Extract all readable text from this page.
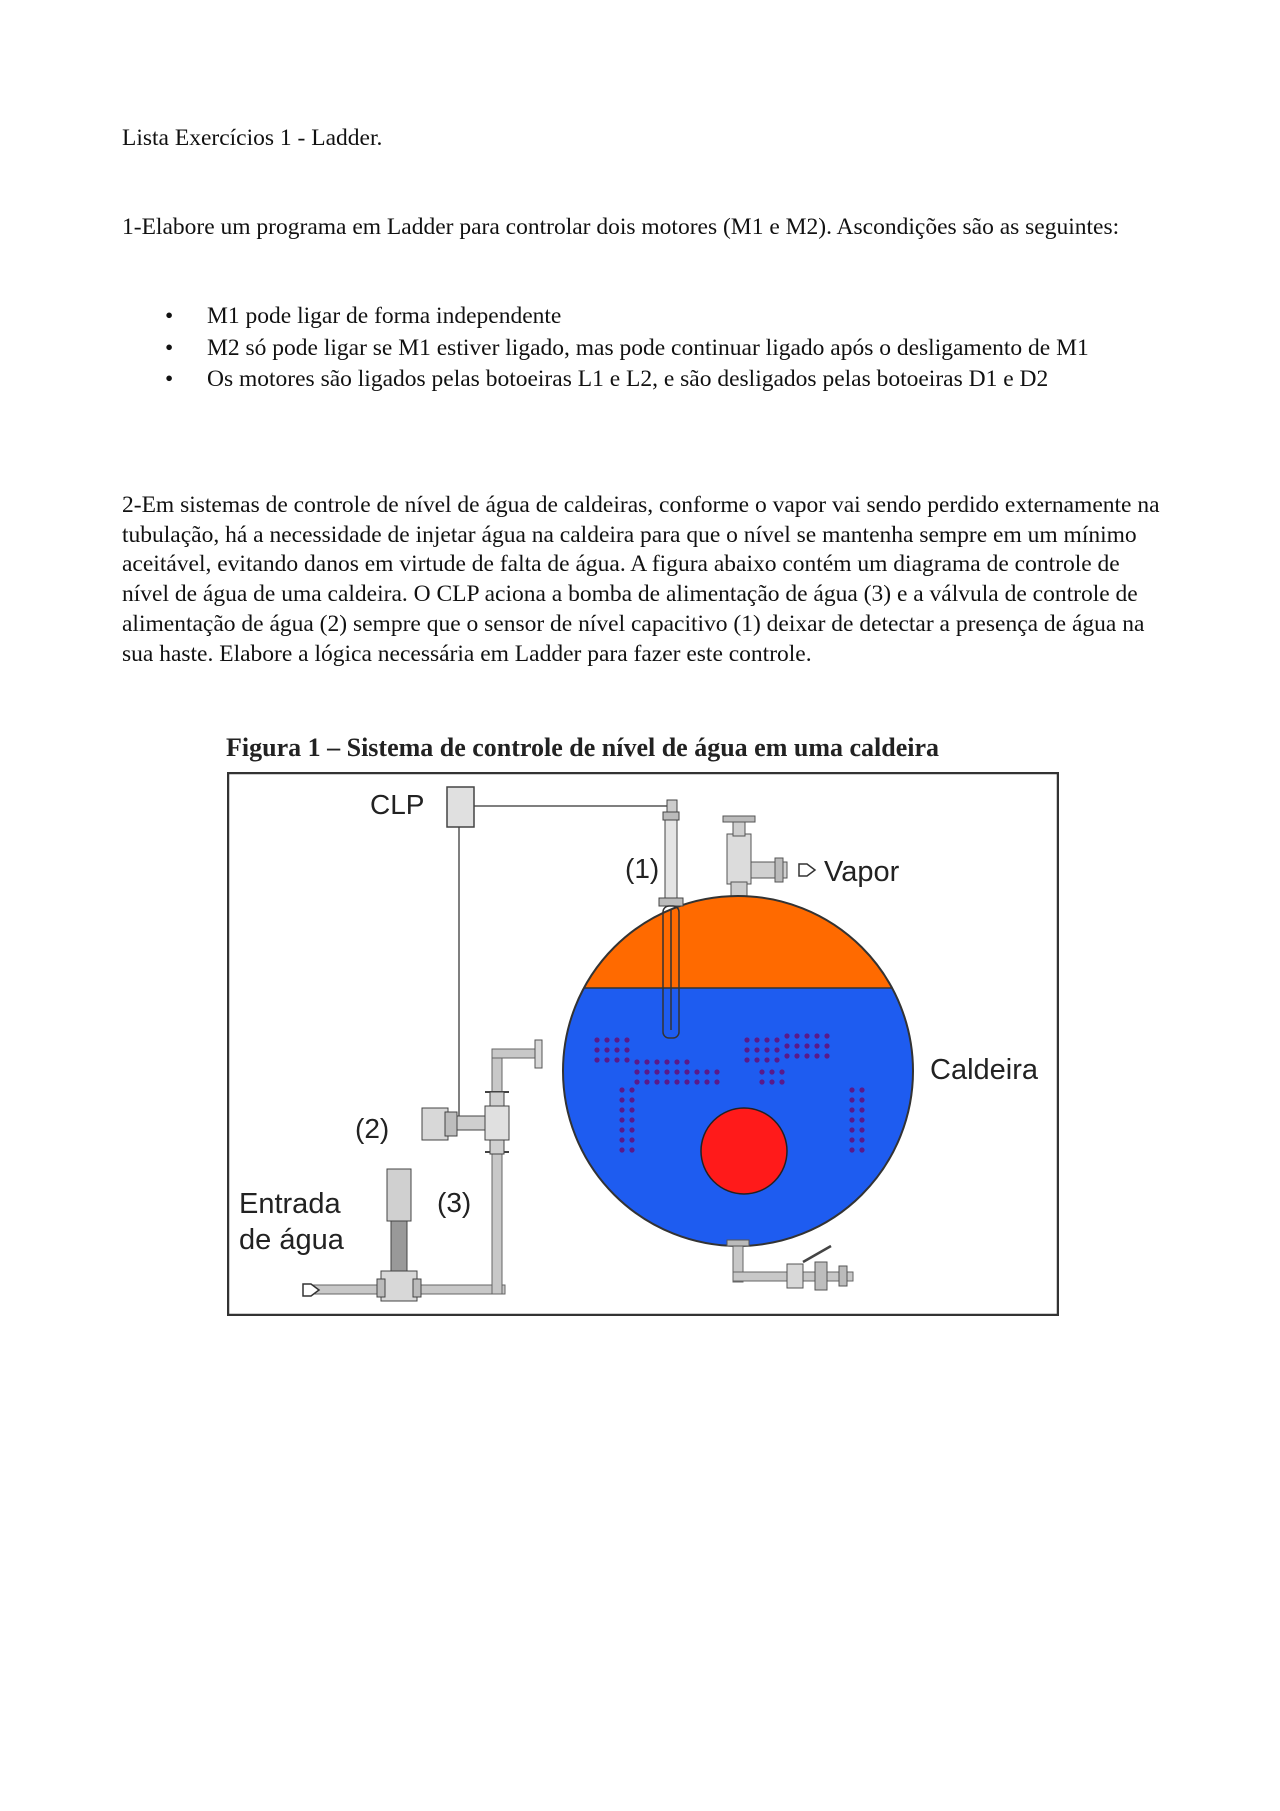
Lista Exercícios 1 - Ladder.

1-Elabore um programa em Ladder para controlar dois motores (M1 e M2). Ascondições são as seguintes:

• M1 pode ligar de forma independente
• M2 só pode ligar se M1 estiver ligado, mas pode continuar ligado após o desligamento de M1
• Os motores são ligados pelas botoeiras L1 e L2, e são desligados pelas botoeiras D1 e D2

2-Em sistemas de controle de nível de água de caldeiras, conforme o vapor vai sendo perdido externamente na tubulação, há a necessidade de injetar água na caldeira para que o nível se mantenha sempre em um mínimo aceitável, evitando danos em virtude de falta de água. A figura abaixo contém um diagrama de controle de nível de água de uma caldeira. O CLP aciona a bomba de alimentação de água (3) e a válvula de controle de alimentação de água (2) sempre que o sensor de nível capacitivo (1) deixar de detectar a presença de água na sua haste. Elabore a lógica necessária em Ladder para fazer este controle.

Figura 1 – Sistema de controle de nível de água em uma caldeira

CLP
(1)	Vapor
Caldeira
(2)
(3)
Entrada
de água
